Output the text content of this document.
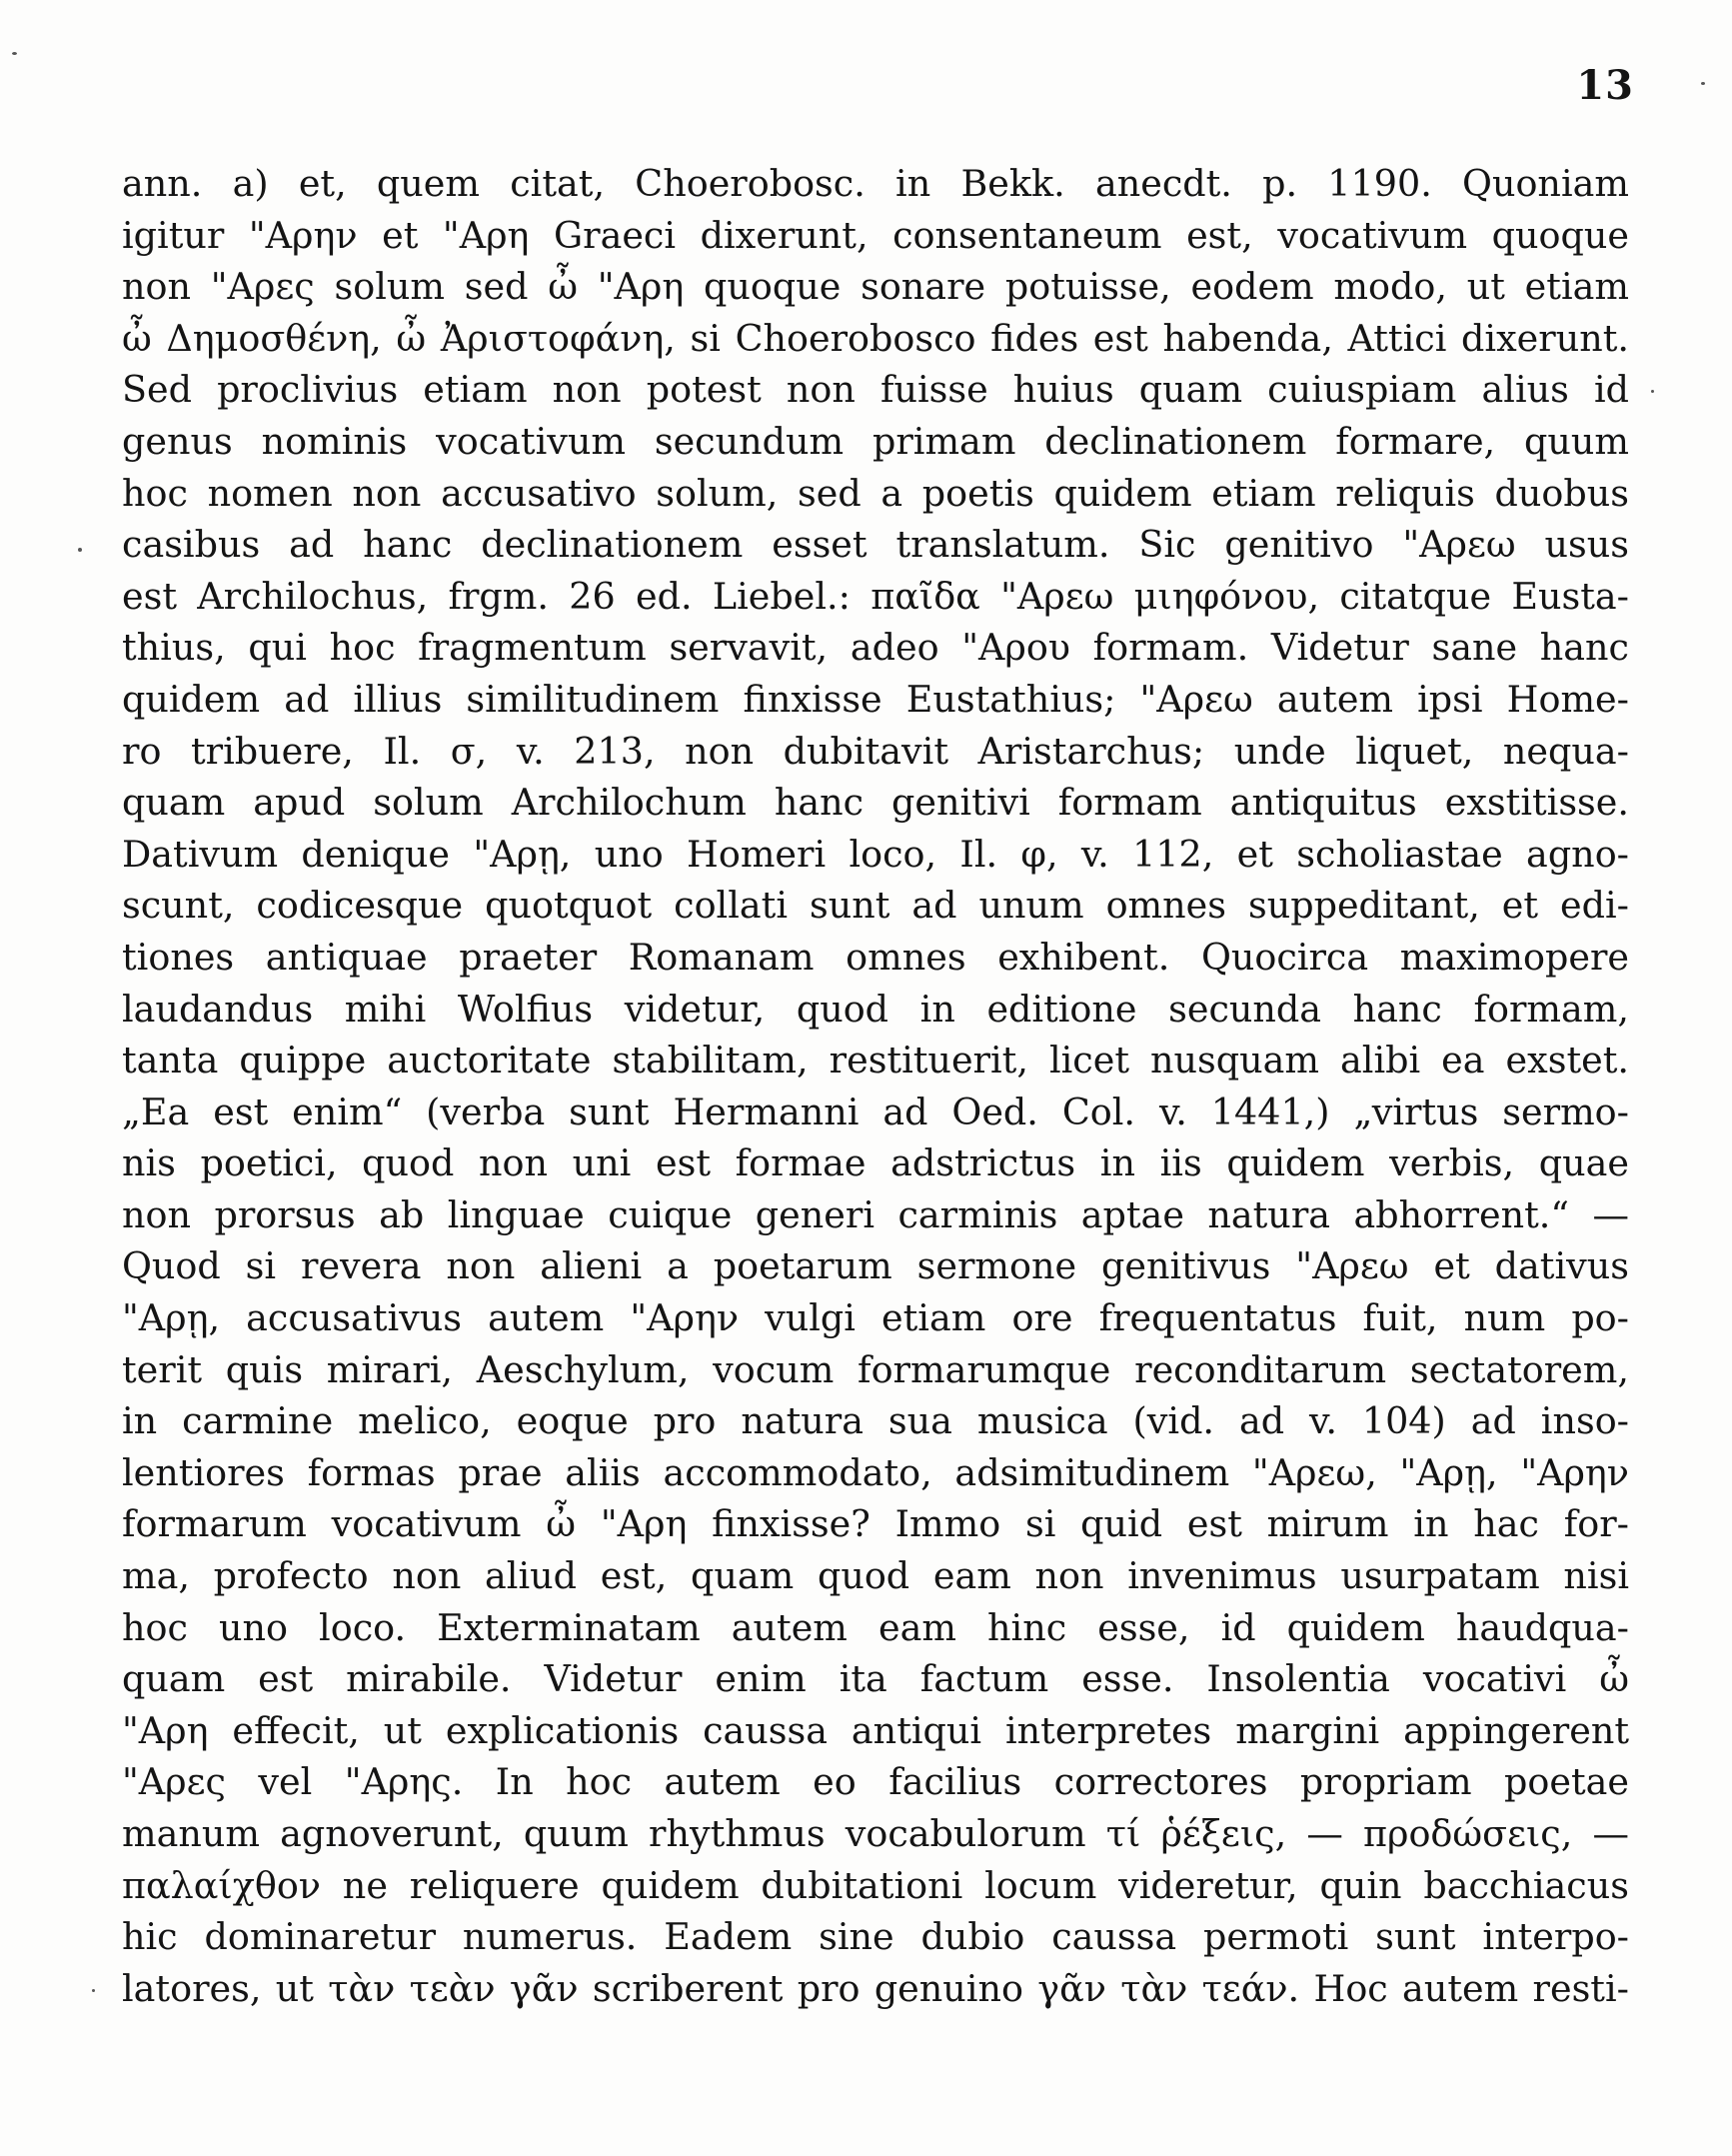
13
ann. a) et, quem citat, Choerobosc. in Bekk. anecdt. p. 1190. Quoniam
igitur "Αρην et "Αρη Graeci dixerunt, consentaneum est, vocativum quoque
non "Αρες solum sed ὦ "Αρη quoque sonare potuisse, eodem modo, ut etiam
ὦ Δημοσθένη, ὦ Ἀριστοφάνη, si Choerobosco fides est habenda, Attici dixerunt.
Sed proclivius etiam non potest non fuisse huius quam cuiuspiam alius id
genus nominis vocativum secundum primam declinationem formare, quum
hoc nomen non accusativo solum, sed a poetis quidem etiam reliquis duobus
casibus ad hanc declinationem esset translatum. Sic genitivo "Αρεω usus
est Archilochus, frgm. 26 ed. Liebel.: παῖδα "Αρεω μιηφόνου, citatque Eusta-
thius, qui hoc fragmentum servavit, adeo "Αρου formam. Videtur sane hanc
quidem ad illius similitudinem finxisse Eustathius; "Αρεω autem ipsi Home-
ro tribuere, Il. σ, v. 213, non dubitavit Aristarchus; unde liquet, nequa-
quam apud solum Archilochum hanc genitivi formam antiquitus exstitisse.
Dativum denique "Αρῃ, uno Homeri loco, Il. φ, v. 112, et scholiastae agno-
scunt, codicesque quotquot collati sunt ad unum omnes suppeditant, et edi-
tiones antiquae praeter Romanam omnes exhibent. Quocirca maximopere
laudandus mihi Wolfius videtur, quod in editione secunda hanc formam,
tanta quippe auctoritate stabilitam, restituerit, licet nusquam alibi ea exstet.
„Ea est enim“ (verba sunt Hermanni ad Oed. Col. v. 1441,) „virtus sermo-
nis poetici, quod non uni est formae adstrictus in iis quidem verbis, quae
non prorsus ab linguae cuique generi carminis aptae natura abhorrent.“ —
Quod si revera non alieni a poetarum sermone genitivus "Αρεω et dativus
"Αρῃ, accusativus autem "Αρην vulgi etiam ore frequentatus fuit, num po-
terit quis mirari, Aeschylum, vocum formarumque reconditarum sectatorem,
in carmine melico, eoque pro natura sua musica (vid. ad v. 104) ad inso-
lentiores formas prae aliis accommodato, adsimitudinem "Αρεω, "Αρῃ, "Αρην
formarum vocativum ὦ "Αρη finxisse? Immo si quid est mirum in hac for-
ma, profecto non aliud est, quam quod eam non invenimus usurpatam nisi
hoc uno loco. Exterminatam autem eam hinc esse, id quidem haudqua-
quam est mirabile. Videtur enim ita factum esse. Insolentia vocativi ὦ
"Αρη effecit, ut explicationis caussa antiqui interpretes margini appingerent
"Αρες vel "Αρης. In hoc autem eo facilius correctores propriam poetae
manum agnoverunt, quum rhythmus vocabulorum τί ῥέξεις, — προδώσεις, —
παλαίχθον ne reliquere quidem dubitationi locum videretur, quin bacchiacus
hic dominaretur numerus. Eadem sine dubio caussa permoti sunt interpo-
latores, ut τὰν τεὰν γᾶν scriberent pro genuino γᾶν τὰν τεάν. Hoc autem resti-
